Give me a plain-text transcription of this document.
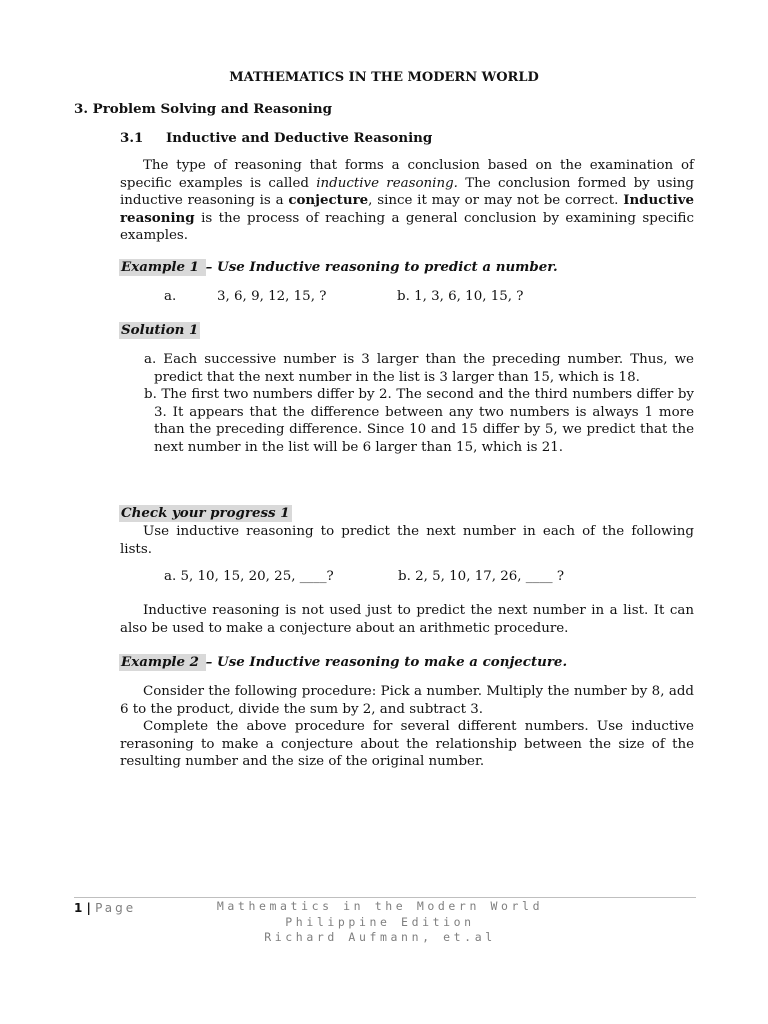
MATHEMATICS IN THE MODERN WORLD
3. Problem Solving and Reasoning
3.1 Inductive and Deductive Reasoning

The type of reasoning that forms a conclusion based on the examination of specific examples is called inductive reasoning. The conclusion formed by using inductive reasoning is a conjecture, since it may or may not be correct. Inductive reasoning is the process of reaching a general conclusion by examining specific examples.

Example 1 – Use Inductive reasoning to predict a number.
a.	3, 6, 9, 12, 15, ?	b. 1, 3, 6, 10, 15, ?
Solution 1

a. Each successive number is 3 larger than the preceding number. Thus, we predict that the next number in the list is 3 larger than 15, which is 18.

b. The first two numbers differ by 2. The second and the third numbers differ by 3. It appears that the difference between any two numbers is always 1 more than the preceding difference. Since 10 and 15 differ by 5, we predict that the next number in the list will be 6 larger than 15, which is 21.

Check your progress 1

Use inductive reasoning to predict the next number in each of the following lists.

a. 5, 10, 15, 20, 25, ____?	b. 2, 5, 10, 17, 26, ____ ?

Inductive reasoning is not used just to predict the next number in a list. It can also be used to make a conjecture about an arithmetic procedure.

Example 2 – Use Inductive reasoning to make a conjecture.

Consider the following procedure: Pick a number. Multiply the number by 8, add 6 to the product, divide the sum by 2, and subtract 3.

Complete the above procedure for several different numbers. Use inductive rerasoning to make a conjecture about the relationship between the size of the resulting number and the size of the original number.

1 | Page	Mathematics in the Modern World
Philippine Edition
Richard Aufmann, et.al
